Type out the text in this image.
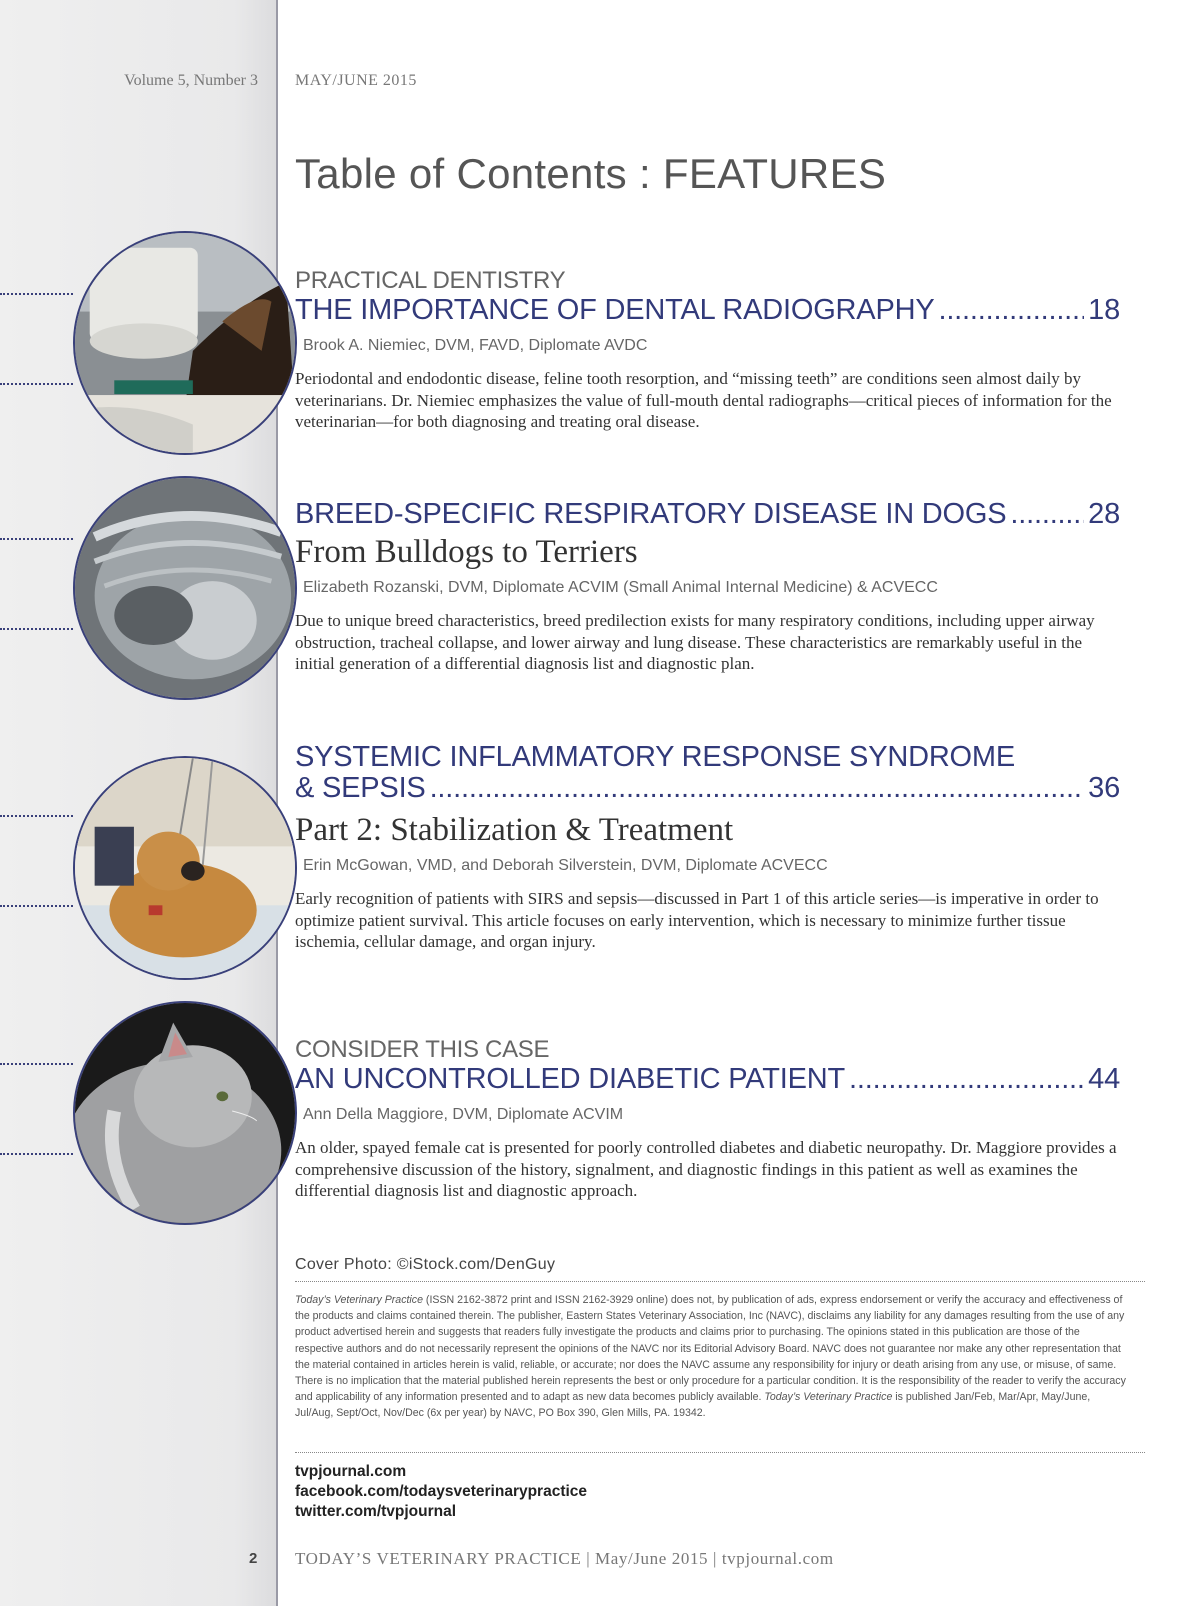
Volume 5, Number 3 MAY/JUNE 2015
Table of Contents : FEATURES
PRACTICAL DENTISTRY
THE IMPORTANCE OF DENTAL RADIOGRAPHY .....	18
Brook A. Niemiec, DVM, FAVD, Diplomate AVDC

Periodontal and endodontic disease, feline tooth resorption, and “missing teeth” are conditions seen almost daily by veterinarians. Dr. Niemiec emphasizes the value of full-mouth dental radiographs—critical pieces of information for the veterinarian—for both diagnosing and treating oral disease.

BREED-SPECIFIC RESPIRATORY DISEASE IN DOGS .....	28
From Bulldogs to Terriers
Elizabeth Rozanski, DVM, Diplomate ACVIM (Small Animal Internal Medicine) & ACVECC

Due to unique breed characteristics, breed predilection exists for many respiratory conditions, including upper airway obstruction, tracheal collapse, and lower airway and lung disease. These characteristics are remarkably useful in the initial generation of a differential diagnosis list and diagnostic plan.

SYSTEMIC INFLAMMATORY RESPONSE SYNDROME
& SEPSIS .....	36
Part 2: Stabilization & Treatment
Erin McGowan, VMD, and Deborah Silverstein, DVM, Diplomate ACVECC

Early recognition of patients with SIRS and sepsis—discussed in Part 1 of this article series—is imperative in order to optimize patient survival. This article focuses on early intervention, which is necessary to minimize further tissue ischemia, cellular damage, and organ injury.

CONSIDER THIS CASE
AN UNCONTROLLED DIABETIC PATIENT .....	44
Ann Della Maggiore, DVM, Diplomate ACVIM

An older, spayed female cat is presented for poorly controlled diabetes and diabetic neuropathy. Dr. Maggiore provides a comprehensive discussion of the history, signalment, and diagnostic findings in this patient as well as examines the differential diagnosis list and diagnostic approach.

Cover Photo: ©iStock.com/DenGuy
Today’s Veterinary Practice (ISSN 2162-3872 print and ISSN 2162-3929 online) does not, by publication of ads, express endorsement or verify the accuracy and effectiveness of the products and claims contained therein. The publisher, Eastern States Veterinary Association, Inc (NAVC), disclaims any liability for any damages resulting from the use of any product advertised herein and suggests that readers fully investigate the products and claims prior to purchasing. The opinions stated in this publication are those of the respective authors and do not necessarily represent the opinions of the NAVC nor its Editorial Advisory Board. NAVC does not guarantee nor make any other representation that the material contained in articles herein is valid, reliable, or accurate; nor does the NAVC assume any responsibility for injury or death arising from any use, or misuse, of same. There is no implication that the material published herein represents the best or only procedure for a particular condition. It is the responsibility of the reader to verify the accuracy and applicability of any information presented and to adapt as new data becomes publicly available. Today’s Veterinary Practice is published Jan/Feb, Mar/Apr, May/June, Jul/Aug, Sept/Oct, Nov/Dec (6x per year) by NAVC, PO Box 390, Glen Mills, PA. 19342.
tvpjournal.com
facebook.com/todaysveterinarypractice
twitter.com/tvpjournal
2 TODAY’S VETERINARY PRACTICE | May/June 2015 | tvpjournal.com
